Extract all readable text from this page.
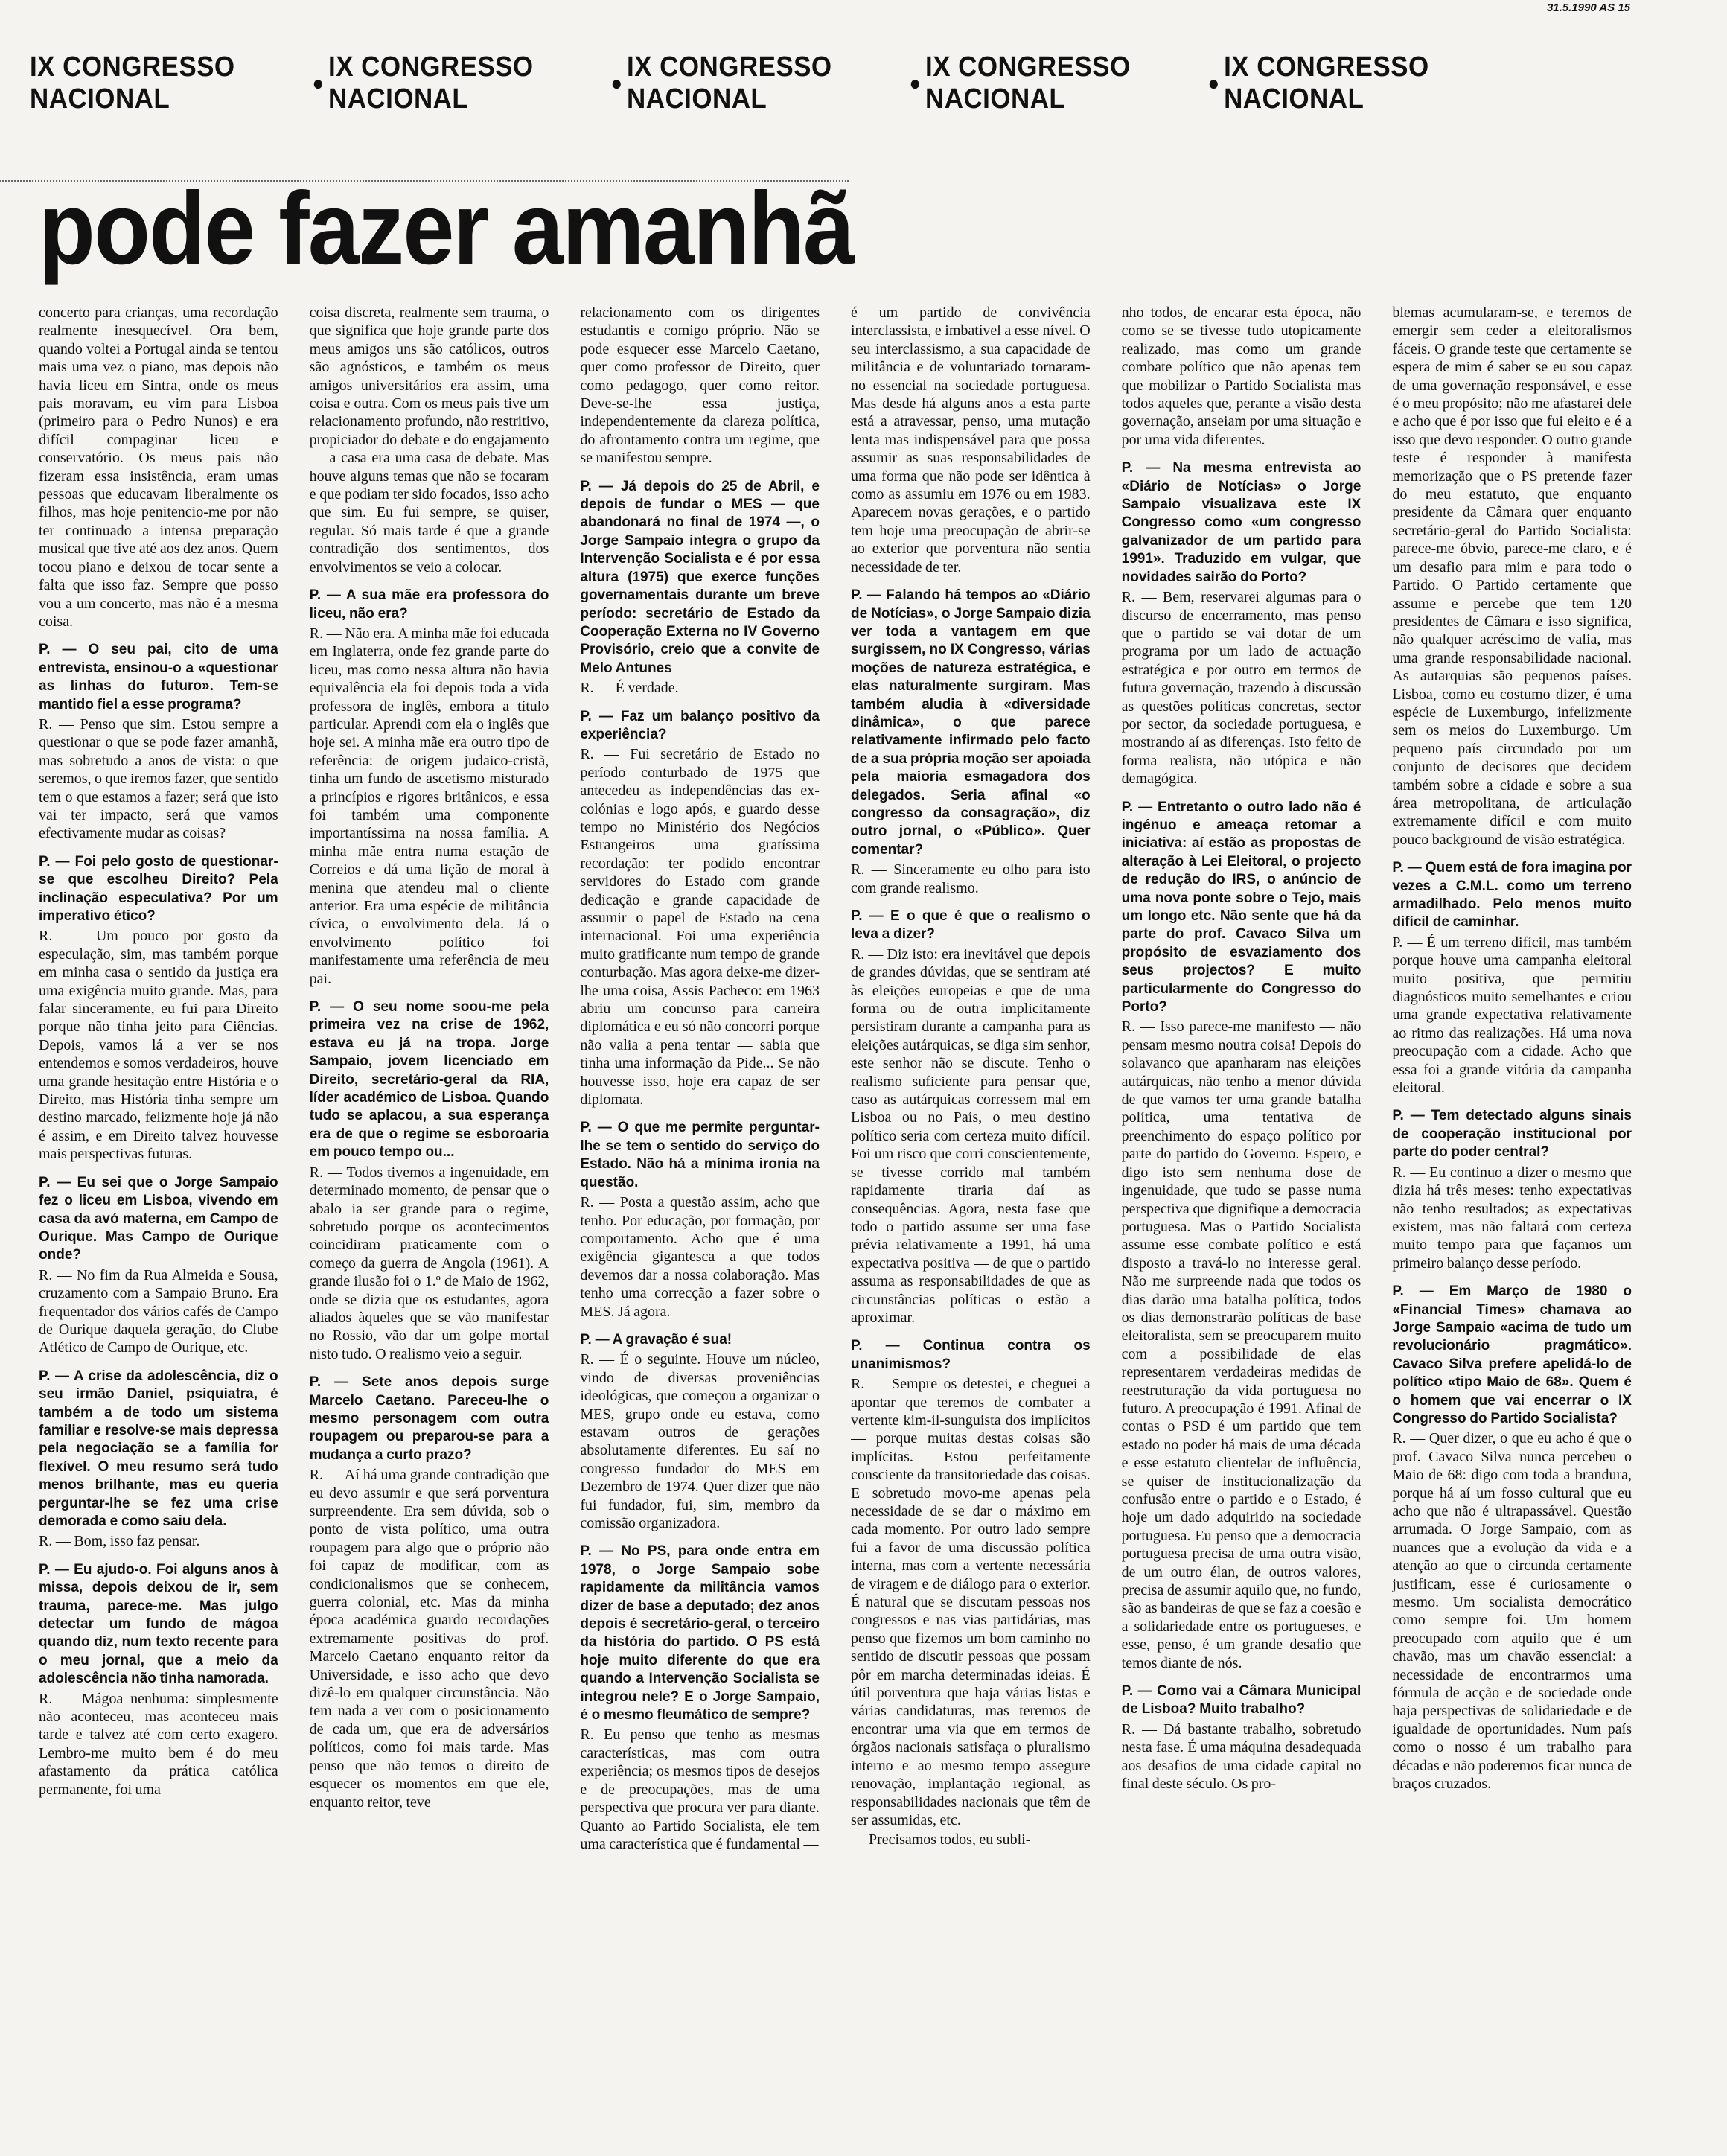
31.5.1990 AS 15
IX CONGRESSO NACIONAL
●
IX CONGRESSO NACIONAL
●
IX CONGRESSO NACIONAL
●
IX CONGRESSO NACIONAL
●
IX CONGRESSO NACIONAL
pode fazer amanhã

concerto para crianças, uma recordação realmente inesquecível. Ora bem, quando voltei a Portugal ainda se tentou mais uma vez o piano, mas depois não havia liceu em Sintra, onde os meus pais moravam, eu vim para Lisboa (primeiro para o Pedro Nunos) e era difícil compaginar liceu e conservatório. Os meus pais não fizeram essa insistência, eram umas pessoas que educavam liberalmente os filhos, mas hoje penitencio-me por não ter continuado a intensa preparação musical que tive até aos dez anos. Quem tocou piano e deixou de tocar sente a falta que isso faz. Sempre que posso vou a um concerto, mas não é a mesma coisa.

P. — O seu pai, cito de uma entrevista, ensinou-o a «questionar as linhas do futuro». Tem-se mantido fiel a esse programa?

R. — Penso que sim. Estou sempre a questionar o que se pode fazer amanhã, mas sobretudo a anos de vista: o que seremos, o que iremos fazer, que sentido tem o que estamos a fazer; será que isto vai ter impacto, será que vamos efectivamente mudar as coisas?

P. — Foi pelo gosto de questionar-se que escolheu Direito? Pela inclinação especulativa? Por um imperativo ético?

R. — Um pouco por gosto da especulação, sim, mas também porque em minha casa o sentido da justiça era uma exigência muito grande. Mas, para falar sinceramente, eu fui para Direito porque não tinha jeito para Ciências. Depois, vamos lá a ver se nos entendemos e somos verdadeiros, houve uma grande hesitação entre História e o Direito, mas História tinha sempre um destino marcado, felizmente hoje já não é assim, e em Direito talvez houvesse mais perspectivas futuras.

P. — Eu sei que o Jorge Sampaio fez o liceu em Lisboa, vivendo em casa da avó materna, em Campo de Ourique. Mas Campo de Ourique onde?

R. — No fim da Rua Almeida e Sousa, cruzamento com a Sampaio Bruno. Era frequentador dos vários cafés de Campo de Ourique daquela geração, do Clube Atlético de Campo de Ourique, etc.

P. — A crise da adolescência, diz o seu irmão Daniel, psiquiatra, é também a de todo um sistema familiar e resolve-se mais depressa pela negociação se a família for flexível. O meu resumo será tudo menos brilhante, mas eu queria perguntar-lhe se fez uma crise demorada e como saiu dela.

R. — Bom, isso faz pensar.

P. — Eu ajudo-o. Foi alguns anos à missa, depois deixou de ir, sem trauma, parece-me. Mas julgo detectar um fundo de mágoa quando diz, num texto recente para o meu jornal, que a meio da adolescência não tinha namorada.

R. — Mágoa nenhuma: simplesmente não aconteceu, mas aconteceu mais tarde e talvez até com certo exagero. Lembro-me muito bem é do meu afastamento da prática católica permanente, foi uma

coisa discreta, realmente sem trauma, o que significa que hoje grande parte dos meus amigos uns são católicos, outros são agnósticos, e também os meus amigos universitários era assim, uma coisa e outra. Com os meus pais tive um relacionamento profundo, não restritivo, propiciador do debate e do engajamento — a casa era uma casa de debate. Mas houve alguns temas que não se focaram e que podiam ter sido focados, isso acho que sim. Eu fui sempre, se quiser, regular. Só mais tarde é que a grande contradição dos sentimentos, dos envolvimentos se veio a colocar.

P. — A sua mãe era professora do liceu, não era?

R. — Não era. A minha mãe foi educada em Inglaterra, onde fez grande parte do liceu, mas como nessa altura não havia equivalência ela foi depois toda a vida professora de inglês, embora a título particular. Aprendi com ela o inglês que hoje sei. A minha mãe era outro tipo de referência: de origem judaico-cristã, tinha um fundo de ascetismo misturado a princípios e rigores britânicos, e essa foi também uma componente importantíssima na nossa família. A minha mãe entra numa estação de Correios e dá uma lição de moral à menina que atendeu mal o cliente anterior. Era uma espécie de militância cívica, o envolvimento dela. Já o envolvimento político foi manifestamente uma referência de meu pai.

P. — O seu nome soou-me pela primeira vez na crise de 1962, estava eu já na tropa. Jorge Sampaio, jovem licenciado em Direito, secretário-geral da RIA, líder académico de Lisboa. Quando tudo se aplacou, a sua esperança era de que o regime se esboroaria em pouco tempo ou...

R. — Todos tivemos a ingenuidade, em determinado momento, de pensar que o abalo ia ser grande para o regime, sobretudo porque os acontecimentos coincidiram praticamente com o começo da guerra de Angola (1961). A grande ilusão foi o 1.º de Maio de 1962, onde se dizia que os estudantes, agora aliados àqueles que se vão manifestar no Rossio, vão dar um golpe mortal nisto tudo. O realismo veio a seguir.

P. — Sete anos depois surge Marcelo Caetano. Pareceu-lhe o mesmo personagem com outra roupagem ou preparou-se para a mudança a curto prazo?

R. — Aí há uma grande contradição que eu devo assumir e que será porventura surpreendente. Era sem dúvida, sob o ponto de vista político, uma outra roupagem para algo que o próprio não foi capaz de modificar, com as condicionalismos que se conhecem, guerra colonial, etc. Mas da minha época académica guardo recordações extremamente positivas do prof. Marcelo Caetano enquanto reitor da Universidade, e isso acho que devo dizê-lo em qualquer circunstância. Não tem nada a ver com o posicionamento de cada um, que era de adversários políticos, como foi mais tarde. Mas penso que não temos o direito de esquecer os momentos em que ele, enquanto reitor, teve

relacionamento com os dirigentes estudantis e comigo próprio. Não se pode esquecer esse Marcelo Caetano, quer como professor de Direito, quer como pedagogo, quer como reitor. Deve-se-lhe essa justiça, independentemente da clareza política, do afrontamento contra um regime, que se manifestou sempre.

P. — Já depois do 25 de Abril, e depois de fundar o MES — que abandonará no final de 1974 —, o Jorge Sampaio integra o grupo da Intervenção Socialista e é por essa altura (1975) que exerce funções governamentais durante um breve período: secretário de Estado da Cooperação Externa no IV Governo Provisório, creio que a convite de Melo Antunes

R. — É verdade.

P. — Faz um balanço positivo da experiência?

R. — Fui secretário de Estado no período conturbado de 1975 que antecedeu as independências das ex-colónias e logo após, e guardo desse tempo no Ministério dos Negócios Estrangeiros uma gratíssima recordação: ter podido encontrar servidores do Estado com grande dedicação e grande capacidade de assumir o papel de Estado na cena internacional. Foi uma experiência muito gratificante num tempo de grande conturbação. Mas agora deixe-me dizer-lhe uma coisa, Assis Pacheco: em 1963 abriu um concurso para carreira diplomática e eu só não concorri porque não valia a pena tentar — sabia que tinha uma informação da Pide... Se não houvesse isso, hoje era capaz de ser diplomata.

P. — O que me permite perguntar-lhe se tem o sentido do serviço do Estado. Não há a mínima ironia na questão.

R. — Posta a questão assim, acho que tenho. Por educação, por formação, por comportamento. Acho que é uma exigência gigantesca a que todos devemos dar a nossa colaboração. Mas tenho uma correcção a fazer sobre o MES. Já agora.

P. — A gravação é sua!

R. — É o seguinte. Houve um núcleo, vindo de diversas proveniências ideológicas, que começou a organizar o MES, grupo onde eu estava, como estavam outros de gerações absolutamente diferentes. Eu saí no congresso fundador do MES em Dezembro de 1974. Quer dizer que não fui fundador, fui, sim, membro da comissão organizadora.

P. — No PS, para onde entra em 1978, o Jorge Sampaio sobe rapidamente da militância vamos dizer de base a deputado; dez anos depois é secretário-geral, o terceiro da história do partido. O PS está hoje muito diferente do que era quando a Intervenção Socialista se integrou nele? E o Jorge Sampaio, é o mesmo fleumático de sempre?

R. Eu penso que tenho as mesmas características, mas com outra experiência; os mesmos tipos de desejos e de preocupações, mas de uma perspectiva que procura ver para diante. Quanto ao Partido Socialista, ele tem uma característica que é fundamental —

é um partido de convivência interclassista, e imbatível a esse nível. O seu interclassismo, a sua capacidade de militância e de voluntariado tornaram-no essencial na sociedade portuguesa. Mas desde há alguns anos a esta parte está a atravessar, penso, uma mutação lenta mas indispensável para que possa assumir as suas responsabilidades de uma forma que não pode ser idêntica à como as assumiu em 1976 ou em 1983. Aparecem novas gerações, e o partido tem hoje uma preocupação de abrir-se ao exterior que porventura não sentia necessidade de ter.

P. — Falando há tempos ao «Diário de Notícias», o Jorge Sampaio dizia ver toda a vantagem em que surgissem, no IX Congresso, várias moções de natureza estratégica, e elas naturalmente surgiram. Mas também aludia à «diversidade dinâmica», o que parece relativamente infirmado pelo facto de a sua própria moção ser apoiada pela maioria esmagadora dos delegados. Seria afinal «o congresso da consagração», diz outro jornal, o «Público». Quer comentar?

R. — Sinceramente eu olho para isto com grande realismo.

P. — E o que é que o realismo o leva a dizer?

R. — Diz isto: era inevitável que depois de grandes dúvidas, que se sentiram até às eleições europeias e que de uma forma ou de outra implicitamente persistiram durante a campanha para as eleições autárquicas, se diga sim senhor, este senhor não se discute. Tenho o realismo suficiente para pensar que, caso as autárquicas corressem mal em Lisboa ou no País, o meu destino político seria com certeza muito difícil. Foi um risco que corri conscientemente, se tivesse corrido mal também rapidamente tiraria daí as consequências. Agora, nesta fase que todo o partido assume ser uma fase prévia relativamente a 1991, há uma expectativa positiva — de que o partido assuma as responsabilidades de que as circunstâncias políticas o estão a aproximar.

P. — Continua contra os unanimismos?

R. — Sempre os detestei, e cheguei a apontar que teremos de combater a vertente kim-il-sunguista dos implícitos — porque muitas destas coisas são implícitas. Estou perfeitamente consciente da transitoriedade das coisas. E sobretudo movo-me apenas pela necessidade de se dar o máximo em cada momento. Por outro lado sempre fui a favor de uma discussão política interna, mas com a vertente necessária de viragem e de diálogo para o exterior. É natural que se discutam pessoas nos congressos e nas vias partidárias, mas penso que fizemos um bom caminho no sentido de discutir pessoas que possam pôr em marcha determinadas ideias. É útil porventura que haja várias listas e várias candidaturas, mas teremos de encontrar uma via que em termos de órgãos nacionais satisfaça o pluralismo interno e ao mesmo tempo assegure renovação, implantação regional, as responsabilidades nacionais que têm de ser assumidas, etc.

Precisamos todos, eu subli-

nho todos, de encarar esta época, não como se se tivesse tudo utopicamente realizado, mas como um grande combate político que não apenas tem que mobilizar o Partido Socialista mas todos aqueles que, perante a visão desta governação, anseiam por uma situação e por uma vida diferentes.

P. — Na mesma entrevista ao «Diário de Notícias» o Jorge Sampaio visualizava este IX Congresso como «um congresso galvanizador de um partido para 1991». Traduzido em vulgar, que novidades sairão do Porto?

R. — Bem, reservarei algumas para o discurso de encerramento, mas penso que o partido se vai dotar de um programa por um lado de actuação estratégica e por outro em termos de futura governação, trazendo à discussão as questões políticas concretas, sector por sector, da sociedade portuguesa, e mostrando aí as diferenças. Isto feito de forma realista, não utópica e não demagógica.

P. — Entretanto o outro lado não é ingénuo e ameaça retomar a iniciativa: aí estão as propostas de alteração à Lei Eleitoral, o projecto de redução do IRS, o anúncio de uma nova ponte sobre o Tejo, mais um longo etc. Não sente que há da parte do prof. Cavaco Silva um propósito de esvaziamento dos seus projectos? E muito particularmente do Congresso do Porto?

R. — Isso parece-me manifesto — não pensam mesmo noutra coisa! Depois do solavanco que apanharam nas eleições autárquicas, não tenho a menor dúvida de que vamos ter uma grande batalha política, uma tentativa de preenchimento do espaço político por parte do partido do Governo. Espero, e digo isto sem nenhuma dose de ingenuidade, que tudo se passe numa perspectiva que dignifique a democracia portuguesa. Mas o Partido Socialista assume esse combate político e está disposto a travá-lo no interesse geral. Não me surpreende nada que todos os dias darão uma batalha política, todos os dias demonstrarão políticas de base eleitoralista, sem se preocuparem muito com a possibilidade de elas representarem verdadeiras medidas de reestruturação da vida portuguesa no futuro. A preocupação é 1991. Afinal de contas o PSD é um partido que tem estado no poder há mais de uma década e esse estatuto clientelar de influência, se quiser de institucionalização da confusão entre o partido e o Estado, é hoje um dado adquirido na sociedade portuguesa. Eu penso que a democracia portuguesa precisa de uma outra visão, de um outro élan, de outros valores, precisa de assumir aquilo que, no fundo, são as bandeiras de que se faz a coesão e a solidariedade entre os portugueses, e esse, penso, é um grande desafio que temos diante de nós.

P. — Como vai a Câmara Municipal de Lisboa? Muito trabalho?

R. — Dá bastante trabalho, sobretudo nesta fase. É uma máquina desadequada aos desafios de uma cidade capital no final deste século. Os pro-

blemas acumularam-se, e teremos de emergir sem ceder a eleitoralismos fáceis. O grande teste que certamente se espera de mim é saber se eu sou capaz de uma governação responsável, e esse é o meu propósito; não me afastarei dele e acho que é por isso que fui eleito e é a isso que devo responder. O outro grande teste é responder à manifesta memorização que o PS pretende fazer do meu estatuto, que enquanto presidente da Câmara quer enquanto secretário-geral do Partido Socialista: parece-me óbvio, parece-me claro, e é um desafio para mim e para todo o Partido. O Partido certamente que assume e percebe que tem 120 presidentes de Câmara e isso significa, não qualquer acréscimo de valia, mas uma grande responsabilidade nacional. As autarquias são pequenos países. Lisboa, como eu costumo dizer, é uma espécie de Luxemburgo, infelizmente sem os meios do Luxemburgo. Um pequeno país circundado por um conjunto de decisores que decidem também sobre a cidade e sobre a sua área metropolitana, de articulação extremamente difícil e com muito pouco background de visão estratégica.

P. — Quem está de fora imagina por vezes a C.M.L. como um terreno armadilhado. Pelo menos muito difícil de caminhar.

P. — É um terreno difícil, mas também porque houve uma campanha eleitoral muito positiva, que permitiu diagnósticos muito semelhantes e criou uma grande expectativa relativamente ao ritmo das realizações. Há uma nova preocupação com a cidade. Acho que essa foi a grande vitória da campanha eleitoral.

P. — Tem detectado alguns sinais de cooperação institucional por parte do poder central?

R. — Eu continuo a dizer o mesmo que dizia há três meses: tenho expectativas não tenho resultados; as expectativas existem, mas não faltará com certeza muito tempo para que façamos um primeiro balanço desse período.

P. — Em Março de 1980 o «Financial Times» chamava ao Jorge Sampaio «acima de tudo um revolucionário pragmático». Cavaco Silva prefere apelidá-lo de político «tipo Maio de 68». Quem é o homem que vai encerrar o IX Congresso do Partido Socialista?

R. — Quer dizer, o que eu acho é que o prof. Cavaco Silva nunca percebeu o Maio de 68: digo com toda a brandura, porque há aí um fosso cultural que eu acho que não é ultrapassável. Questão arrumada. O Jorge Sampaio, com as nuances que a evolução da vida e a atenção ao que o circunda certamente justificam, esse é curiosamente o mesmo. Um socialista democrático como sempre foi. Um homem preocupado com aquilo que é um chavão, mas um chavão essencial: a necessidade de encontrarmos uma fórmula de acção e de sociedade onde haja perspectivas de solidariedade e de igualdade de oportunidades. Num país como o nosso é um trabalho para décadas e não poderemos ficar nunca de braços cruzados.
